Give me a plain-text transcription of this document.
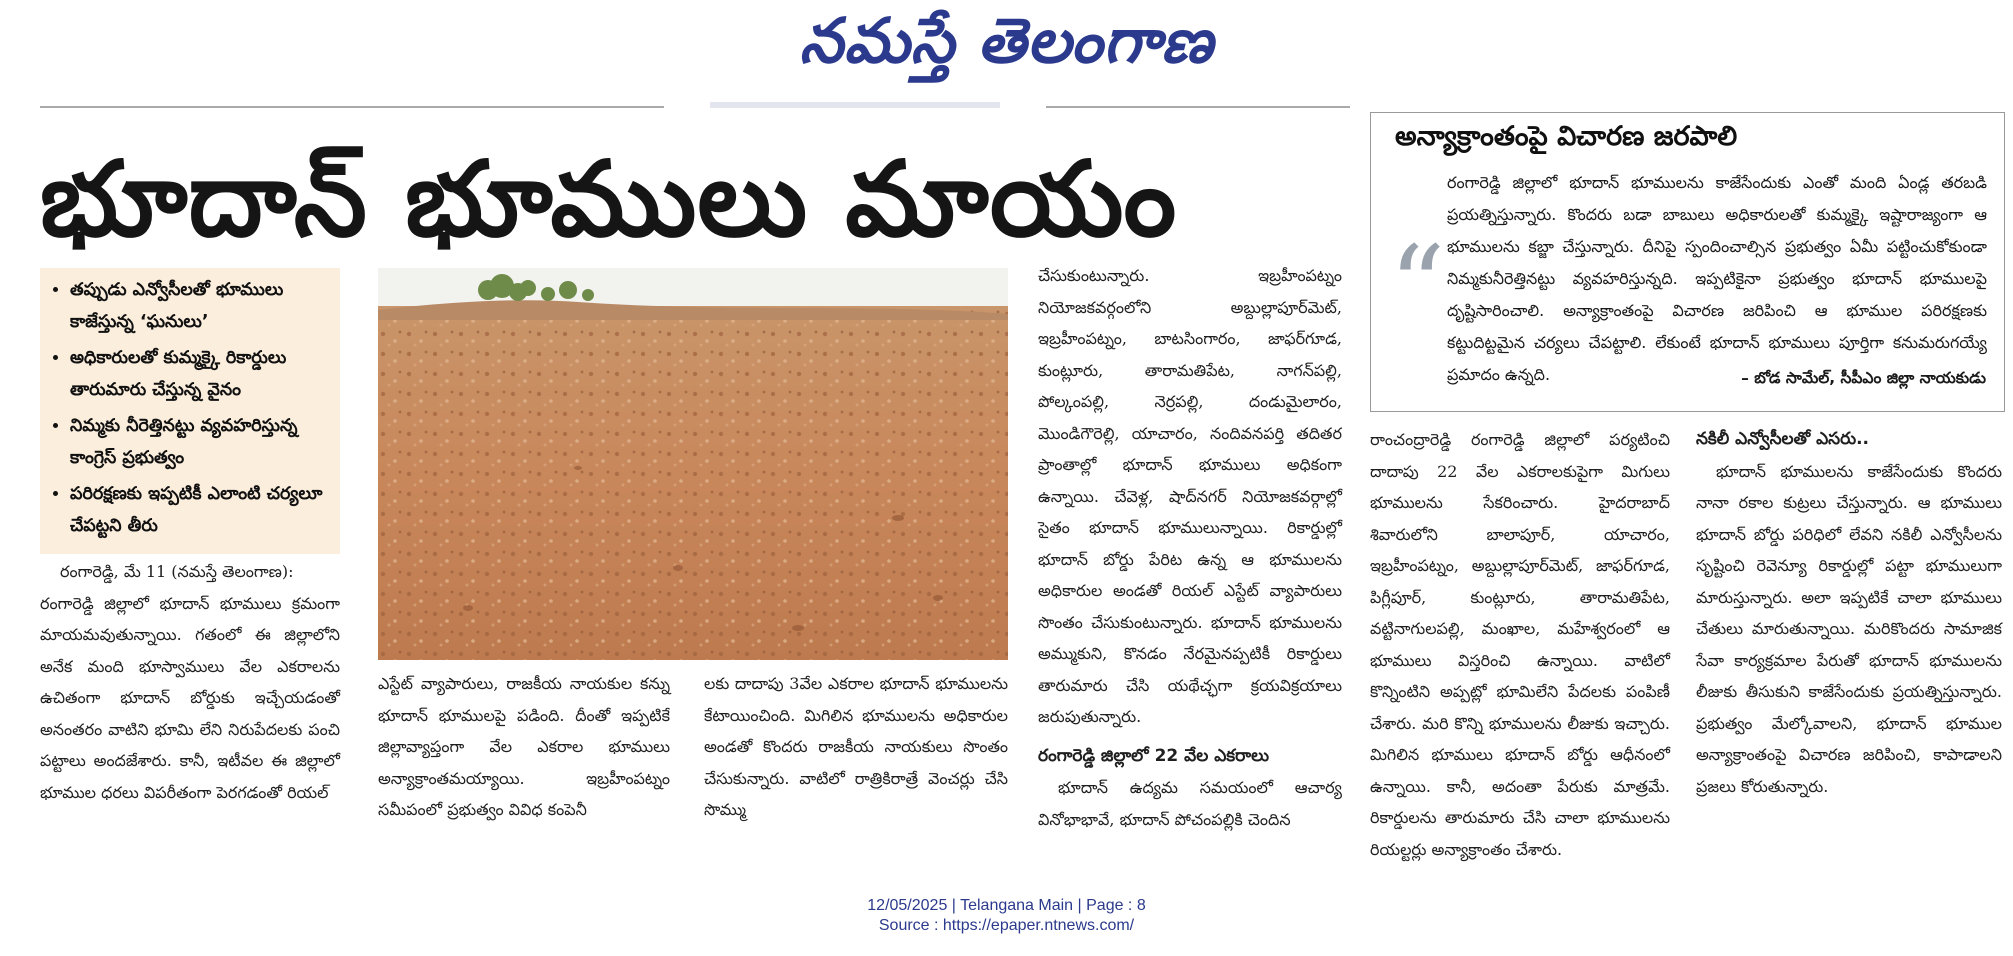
నమస్తే తెలంగాణ
భూదాన్ భూములు మాయం
• తప్పుడు ఎన్వోసీలతో భూములు కాజేస్తున్న ‘ఘనులు’
• అధికారులతో కుమ్మక్కై రికార్డులు తారుమారు చేస్తున్న వైనం
• నిమ్మకు నీరెత్తినట్టు వ్యవహరిస్తున్న కాంగ్రెస్ ప్రభుత్వం
• పరిరక్షణకు ఇప్పటికీ ఎలాంటి చర్యలూ చేపట్టని తీరు

రంగారెడ్డి, మే 11 (నమస్తే తెలంగాణ):

రంగారెడ్డి జిల్లాలో భూదాన్ భూములు క్రమంగా మాయమవుతున్నాయి. గతంలో ఈ జిల్లాలోని అనేక మంది భూస్వాములు వేల ఎకరాలను ఉచితంగా భూదాన్ బోర్డుకు ఇచ్చేయడంతో అనంతరం వాటిని భూమి లేని నిరుపేదలకు పంచి పట్టాలు అందజేశారు. కానీ, ఇటీవల ఈ జిల్లాలో భూముల ధరలు విపరీతంగా పెరగడంతో రియల్

ఎస్టేట్ వ్యాపారులు, రాజకీయ నాయకుల కన్ను భూదాన్ భూములపై పడింది. దీంతో ఇప్పటికే జిల్లావ్యాప్తంగా వేల ఎకరాల భూములు అన్యాక్రాంతమయ్యాయి. ఇబ్రహీంపట్నం సమీపంలో ప్రభుత్వం వివిధ కంపెనీ

లకు దాదాపు 3వేల ఎకరాల భూదాన్ భూములను కేటాయించింది. మిగిలిన భూములను అధికారుల అండతో కొందరు రాజకీయ నాయకులు సొంతం చేసుకున్నారు. వాటిలో రాత్రికిరాత్రే వెంచర్లు చేసి సొమ్ము

చేసుకుంటున్నారు. ఇబ్రహీంపట్నం నియోజకవర్గంలోని అబ్దుల్లాపూర్‌మెట్, ఇబ్రహీంపట్నం, బాటసింగారం, జాఫర్‌గూడ, కుంట్లూరు, తారామతిపేట, నాగన్‌పల్లి, పోల్కంపల్లి, నెర్రపల్లి, దండుమైలారం, మొండిగౌరెల్లి, యాచారం, నందివనపర్తి తదితర ప్రాంతాల్లో భూదాన్ భూములు అధికంగా ఉన్నాయి. చేవెళ్ల, షాద్‌నగర్ నియోజకవర్గాల్లో సైతం భూదాన్ భూములున్నాయి. రికార్డుల్లో భూదాన్ బోర్డు పేరిట ఉన్న ఆ భూములను అధికారుల అండతో రియల్ ఎస్టేట్ వ్యాపారులు సొంతం చేసుకుంటున్నారు. భూదాన్ భూములను అమ్ముకుని, కొనడం నేరమైనప్పటికీ రికార్డులు తారుమారు చేసి యథేచ్ఛగా క్రయవిక్రయాలు జరుపుతున్నారు.

రంగారెడ్డి జిల్లాలో 22 వేల ఎకరాలు

భూదాన్ ఉద్యమ సమయంలో ఆచార్య వినోభాభావే, భూదాన్ పోచంపల్లికి చెందిన

అన్యాక్రాంతంపై విచారణ జరపాలి
“
రంగారెడ్డి జిల్లాలో భూదాన్ భూములను కాజేసేందుకు ఎంతో మంది ఏండ్ల తరబడి ప్రయత్నిస్తున్నారు. కొందరు బడా బాబులు అధికారులతో కుమ్మక్కై ఇష్టారాజ్యంగా ఆ భూములను కబ్జా చేస్తున్నారు. దీనిపై స్పందించాల్సిన ప్రభుత్వం ఏమీ పట్టించుకోకుండా నిమ్మకునీరెత్తినట్టు వ్యవహరిస్తున్నది. ఇప్పటికైనా ప్రభుత్వం భూదాన్ భూములపై దృష్టిసారించాలి. అన్యాక్రాంతంపై విచారణ జరిపించి ఆ భూముల పరిరక్షణకు కట్టుదిట్టమైన చర్యలు చేపట్టాలి. లేకుంటే భూదాన్ భూములు పూర్తిగా కనుమరుగయ్యే ప్రమాదం ఉన్నది.	– బోడ సామేల్, సీపీఎం జిల్లా నాయకుడు

రాంచంద్రారెడ్డి రంగారెడ్డి జిల్లాలో పర్యటించి దాదాపు 22 వేల ఎకరాలకుపైగా మిగులు భూములను సేకరించారు. హైదరాబాద్ శివారులోని బాలాపూర్, యాచారం, ఇబ్రహీంపట్నం, అబ్దుల్లాపూర్‌మెట్, జాఫర్‌గూడ, పిగ్లీపూర్, కుంట్లూరు, తారామతిపేట, వట్టినాగులపల్లి, మంఖాల, మహేశ్వరంలో ఆ భూములు విస్తరించి ఉన్నాయి. వాటిలో కొన్నింటిని అప్పట్లో భూమిలేని పేదలకు పంపిణీ చేశారు. మరి కొన్ని భూములను లీజుకు ఇచ్చారు. మిగిలిన భూములు భూదాన్ బోర్డు ఆధీనంలో ఉన్నాయి. కానీ, అదంతా పేరుకు మాత్రమే. రికార్డులను తారుమారు చేసి చాలా భూములను రియల్టర్లు అన్యాక్రాంతం చేశారు.

నకిలీ ఎన్వోసీలతో ఎసరు..

భూదాన్ భూములను కాజేసేందుకు కొందరు నానా రకాల కుట్రలు చేస్తున్నారు. ఆ భూములు భూదాన్ బోర్డు పరిధిలో లేవని నకిలీ ఎన్వోసీలను సృష్టించి రెవెన్యూ రికార్డుల్లో పట్టా భూములుగా మారుస్తున్నారు. అలా ఇప్పటికే చాలా భూములు చేతులు మారుతున్నాయి. మరికొందరు సామాజిక సేవా కార్యక్రమాల పేరుతో భూదాన్ భూములను లీజుకు తీసుకుని కాజేసేందుకు ప్రయత్నిస్తున్నారు. ప్రభుత్వం మేల్కోవాలని, భూదాన్ భూముల అన్యాక్రాంతంపై విచారణ జరిపించి, కాపాడాలని ప్రజలు కోరుతున్నారు.

12/05/2025 | Telangana Main | Page : 8
Source : https://epaper.ntnews.com/
